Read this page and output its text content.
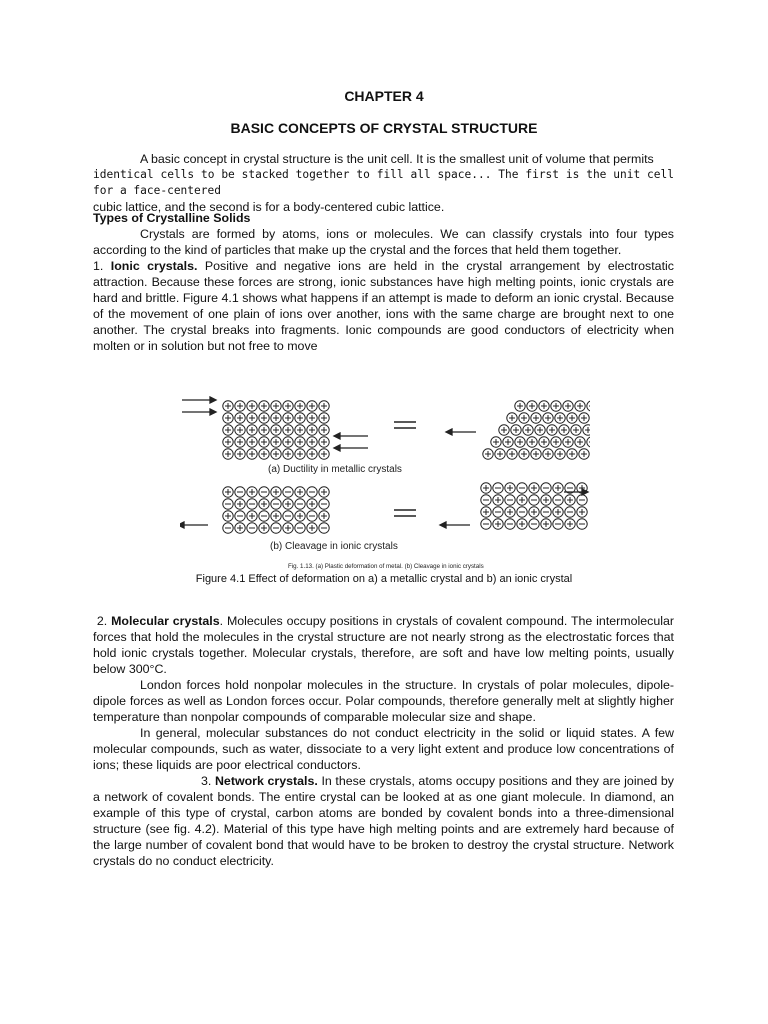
CHAPTER 4
BASIC CONCEPTS OF CRYSTAL STRUCTURE
A basic concept in crystal structure is the unit cell. It is the smallest unit of volume that permits
identical cells to be stacked together to fill all space... The first is the unit cell for a face-centered
cubic lattice, and the second is for a body-centered cubic lattice.
Types of Crystalline Solids
Crystals are formed by atoms, ions or molecules. We can classify crystals into four types according to the kind of particles that make up the crystal and the forces that held them together.
1. Ionic crystals. Positive and negative ions are held in the crystal arrangement by electrostatic attraction. Because these forces are strong, ionic substances have high melting points, ionic crystals are hard and brittle. Figure 4.1 shows what happens if an attempt is made to deform an ionic crystal. Because of the movement of one plain of ions over another, ions with the same charge are brought next to one another. The crystal breaks into fragments. Ionic compounds are good conductors of electricity when molten or in solution but not free to move
(a) Ductility in metallic crystals
(b) Cleavage in ionic crystals
Fig. 1.13. (a) Plastic deformation of metal. (b) Cleavage in ionic crystals
Figure 4.1 Effect of deformation on a) a metallic crystal and b) an ionic crystal
2. Molecular crystals. Molecules occupy positions in crystals of covalent compound. The intermolecular forces that hold the molecules in the crystal structure are not nearly strong as the electrostatic forces that hold ionic crystals together. Molecular crystals, therefore, are soft and have low melting points, usually below 300°C.
London forces hold nonpolar molecules in the structure. In crystals of polar molecules, dipole-dipole forces as well as London forces occur. Polar compounds, therefore generally melt at slightly higher temperature than nonpolar compounds of comparable molecular size and shape.
In general, molecular substances do not conduct electricity in the solid or liquid states. A few molecular compounds, such as water, dissociate to a very light extent and produce low concentrations of ions; these liquids are poor electrical conductors.
3. Network crystals. In these crystals, atoms occupy positions and they are joined by a network of covalent bonds. The entire crystal can be looked at as one giant molecule. In diamond, an example of this type of crystal, carbon atoms are bonded by covalent bonds into a three-dimensional structure (see fig. 4.2). Material of this type have high melting points and are extremely hard because of the large number of covalent bond that would have to be broken to destroy the crystal structure. Network crystals do no conduct electricity.
